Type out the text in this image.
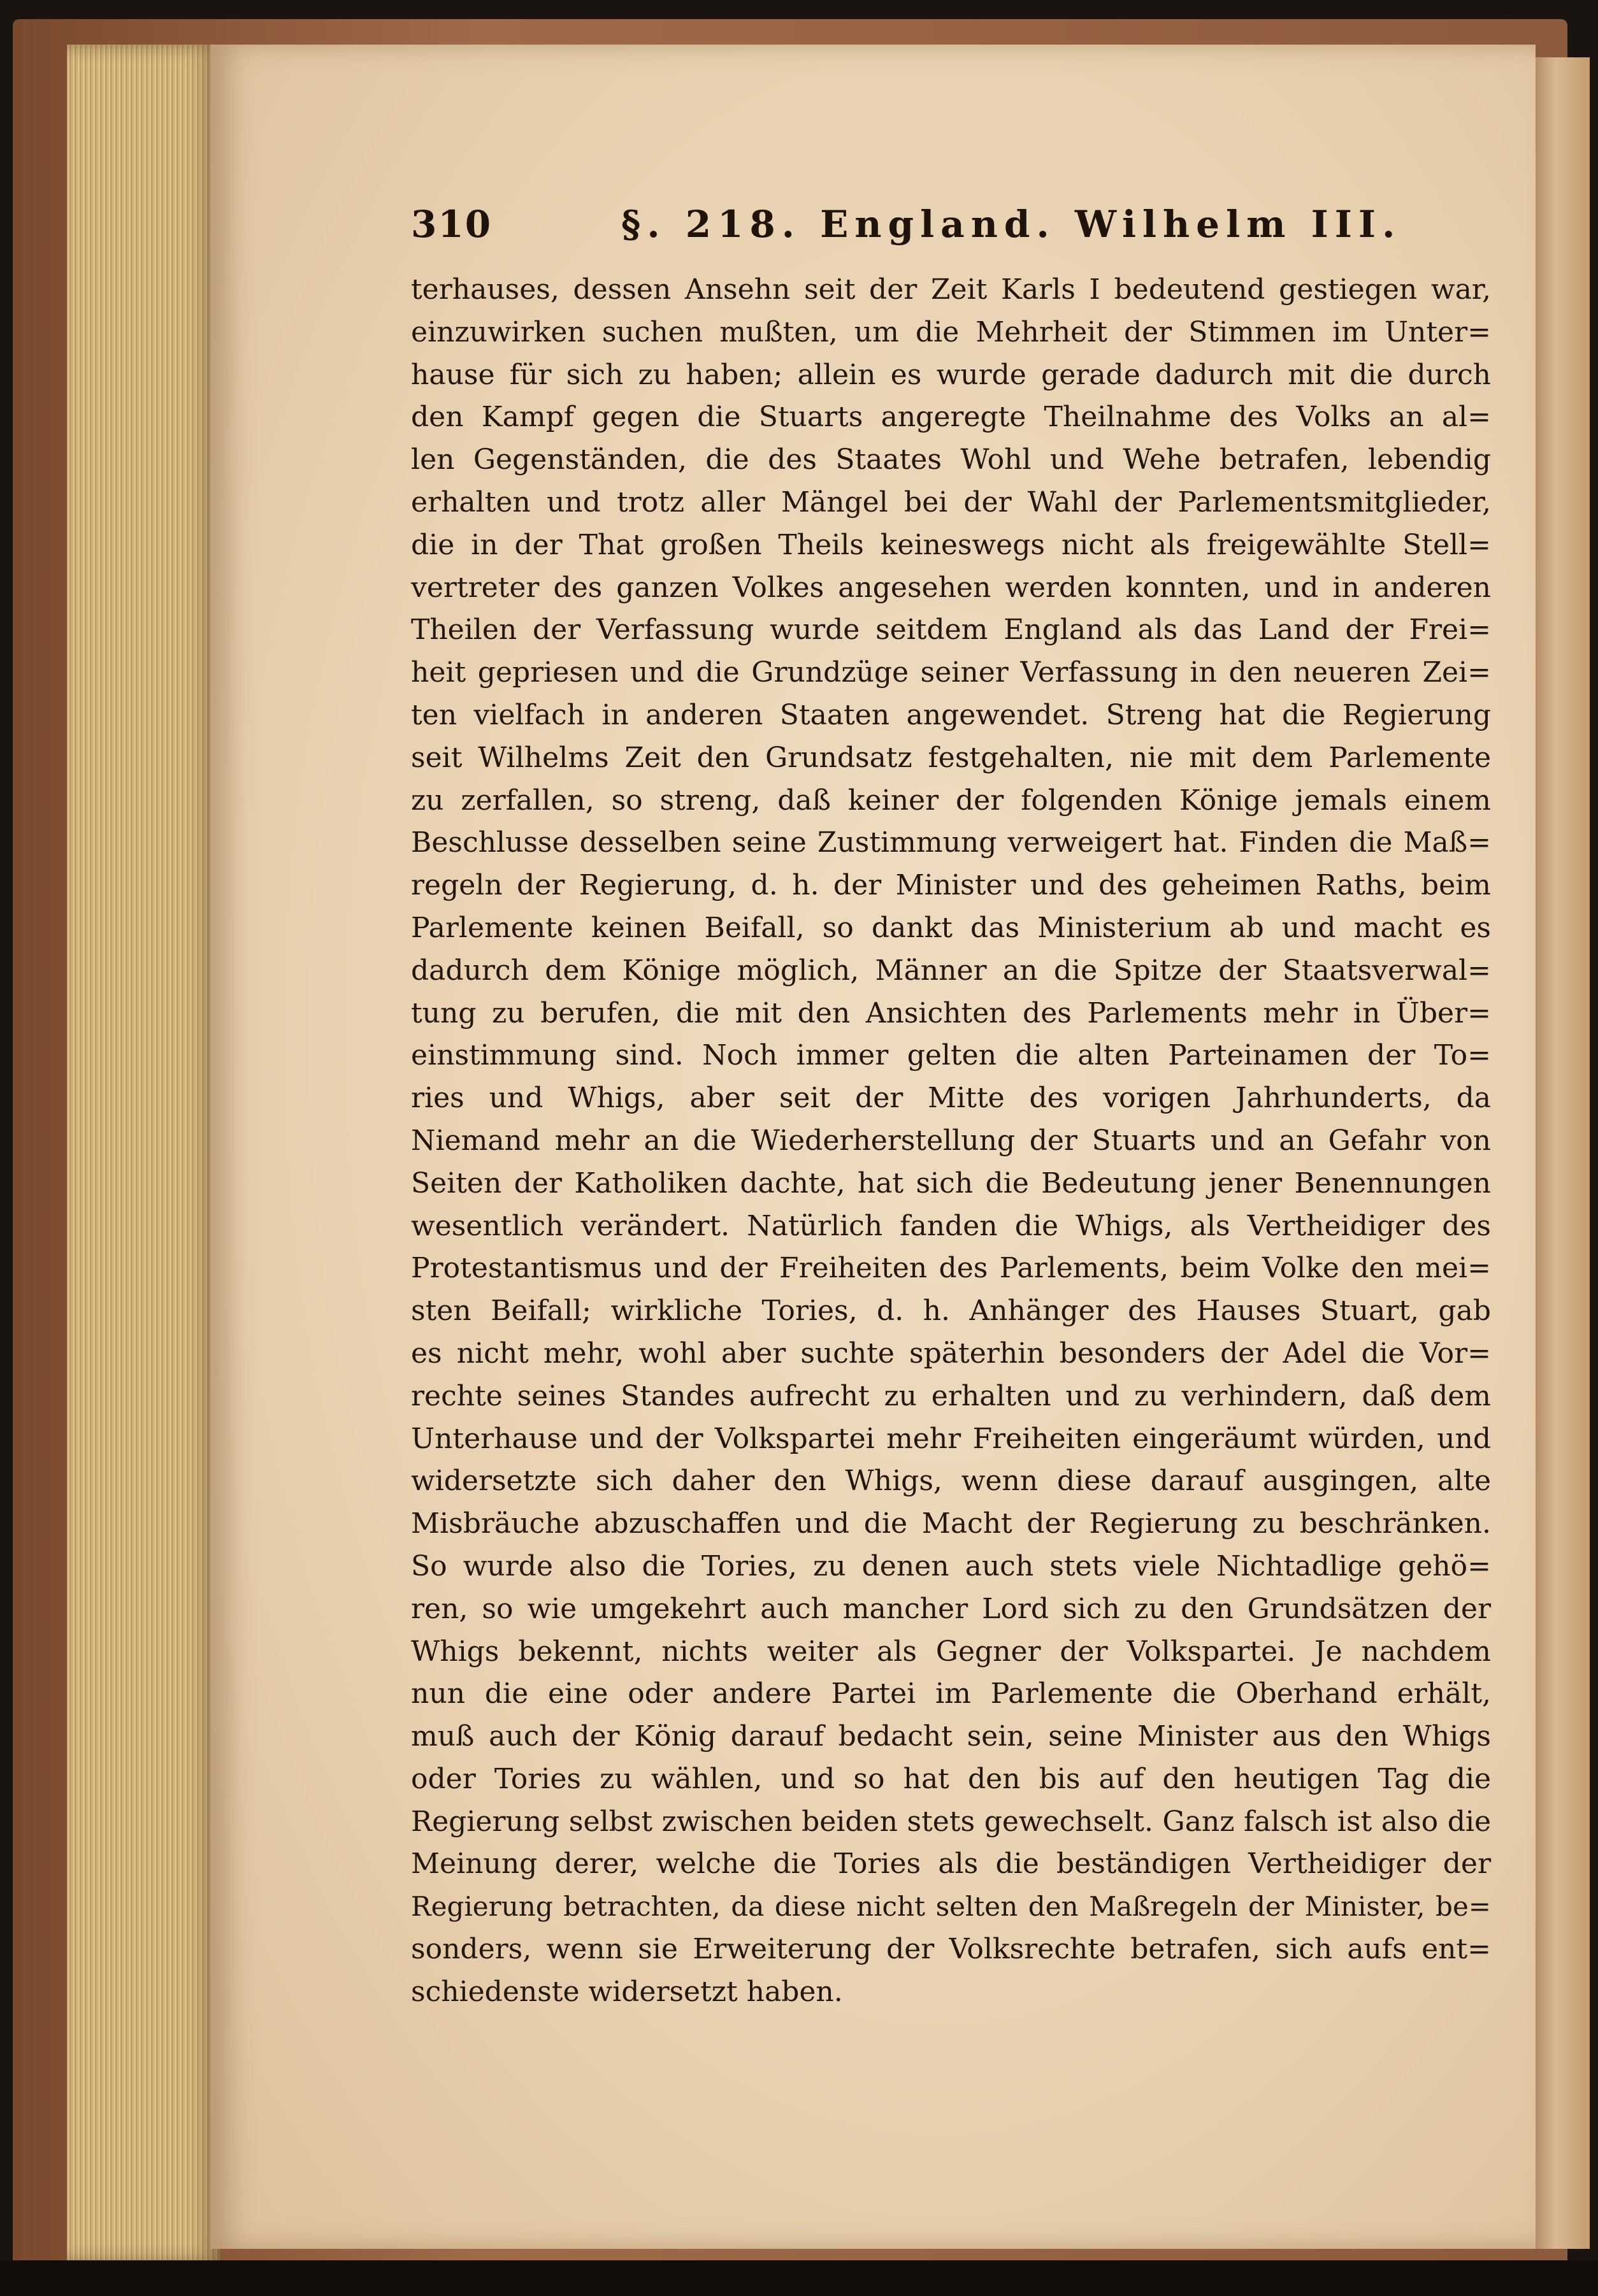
310	§. 218. England. Wilhelm III.
terhauses, dessen Ansehn seit der Zeit Karls I bedeutend gestiegen war,
einzuwirken suchen mußten, um die Mehrheit der Stimmen im Unter=
hause für sich zu haben; allein es wurde gerade dadurch mit die durch
den Kampf gegen die Stuarts angeregte Theilnahme des Volks an al=
len Gegenständen, die des Staates Wohl und Wehe betrafen, lebendig
erhalten und trotz aller Mängel bei der Wahl der Parlementsmitglieder,
die in der That großen Theils keineswegs nicht als freigewählte Stell=
vertreter des ganzen Volkes angesehen werden konnten, und in anderen
Theilen der Verfassung wurde seitdem England als das Land der Frei=
heit gepriesen und die Grundzüge seiner Verfassung in den neueren Zei=
ten vielfach in anderen Staaten angewendet. Streng hat die Regierung
seit Wilhelms Zeit den Grundsatz festgehalten, nie mit dem Parlemente
zu zerfallen, so streng, daß keiner der folgenden Könige jemals einem
Beschlusse desselben seine Zustimmung verweigert hat. Finden die Maß=
regeln der Regierung, d. h. der Minister und des geheimen Raths, beim
Parlemente keinen Beifall, so dankt das Ministerium ab und macht es
dadurch dem Könige möglich, Männer an die Spitze der Staatsverwal=
tung zu berufen, die mit den Ansichten des Parlements mehr in Über=
einstimmung sind. Noch immer gelten die alten Parteinamen der To=
ries und Whigs, aber seit der Mitte des vorigen Jahrhunderts, da
Niemand mehr an die Wiederherstellung der Stuarts und an Gefahr von
Seiten der Katholiken dachte, hat sich die Bedeutung jener Benennungen
wesentlich verändert. Natürlich fanden die Whigs, als Vertheidiger des
Protestantismus und der Freiheiten des Parlements, beim Volke den mei=
sten Beifall; wirkliche Tories, d. h. Anhänger des Hauses Stuart, gab
es nicht mehr, wohl aber suchte späterhin besonders der Adel die Vor=
rechte seines Standes aufrecht zu erhalten und zu verhindern, daß dem
Unterhause und der Volkspartei mehr Freiheiten eingeräumt würden, und
widersetzte sich daher den Whigs, wenn diese darauf ausgingen, alte
Misbräuche abzuschaffen und die Macht der Regierung zu beschränken.
So wurde also die Tories, zu denen auch stets viele Nichtadlige gehö=
ren, so wie umgekehrt auch mancher Lord sich zu den Grundsätzen der
Whigs bekennt, nichts weiter als Gegner der Volkspartei. Je nachdem
nun die eine oder andere Partei im Parlemente die Oberhand erhält,
muß auch der König darauf bedacht sein, seine Minister aus den Whigs
oder Tories zu wählen, und so hat den bis auf den heutigen Tag die
Regierung selbst zwischen beiden stets gewechselt. Ganz falsch ist also die
Meinung derer, welche die Tories als die beständigen Vertheidiger der
Regierung betrachten, da diese nicht selten den Maßregeln der Minister, be=
sonders, wenn sie Erweiterung der Volksrechte betrafen, sich aufs ent=
schiedenste widersetzt haben.
